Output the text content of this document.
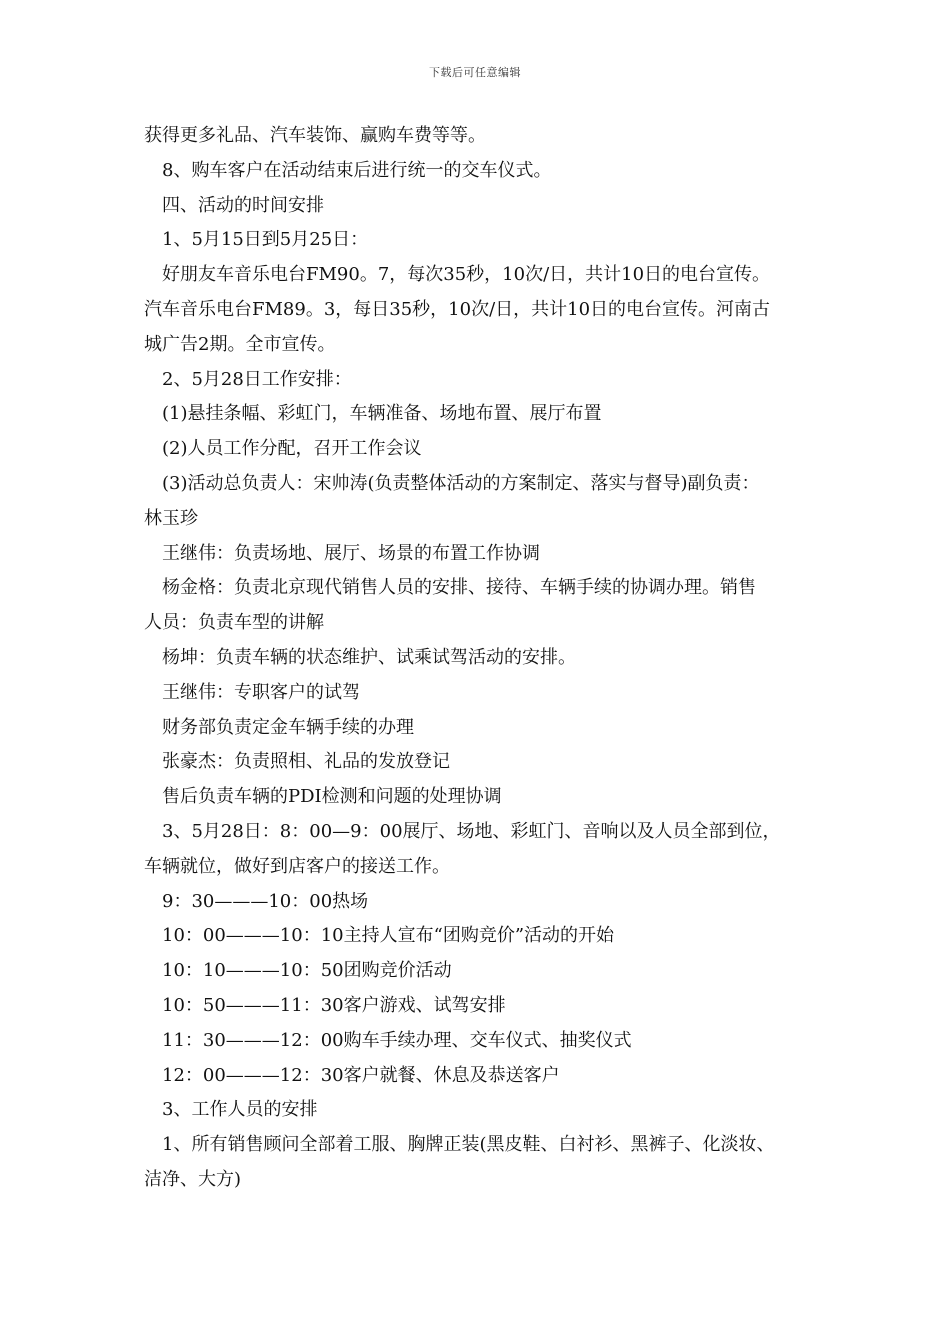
下载后可任意编辑
获得更多礼品、汽车装饰、赢购车费等等。
8、购车客户在活动结束后进行统一的交车仪式。
四、活动的时间安排
1、5月15日到5月25日：
好朋友车音乐电台FM90。7，每次35秒，10次/日，共计10日的电台宣传。
汽车音乐电台FM89。3，每日35秒，10次/日，共计10日的电台宣传。河南古
城广告2期。全市宣传。
2、5月28日工作安排：
(1)悬挂条幅、彩虹门，车辆准备、场地布置、展厅布置
(2)人员工作分配，召开工作会议
(3)活动总负责人：宋帅涛(负责整体活动的方案制定、落实与督导)副负责：
林玉珍
王继伟：负责场地、展厅、场景的布置工作协调
杨金格：负责北京现代销售人员的安排、接待、车辆手续的协调办理。销售
人员：负责车型的讲解
杨坤：负责车辆的状态维护、试乘试驾活动的安排。
王继伟：专职客户的试驾
财务部负责定金车辆手续的办理
张豪杰：负责照相、礼品的发放登记
售后负责车辆的PDI检测和问题的处理协调
3、5月28日：8：00—9：00展厅、场地、彩虹门、音响以及人员全部到位，
车辆就位，做好到店客户的接送工作。
9：30———10：00热场
10：00———10：10主持人宣布“团购竞价”活动的开始
10：10———10：50团购竞价活动
10：50———11：30客户游戏、试驾安排
11：30———12：00购车手续办理、交车仪式、抽奖仪式
12：00———12：30客户就餐、休息及恭送客户
3、工作人员的安排
1、所有销售顾问全部着工服、胸牌正装(黑皮鞋、白衬衫、黑裤子、化淡妆、
洁净、大方)
